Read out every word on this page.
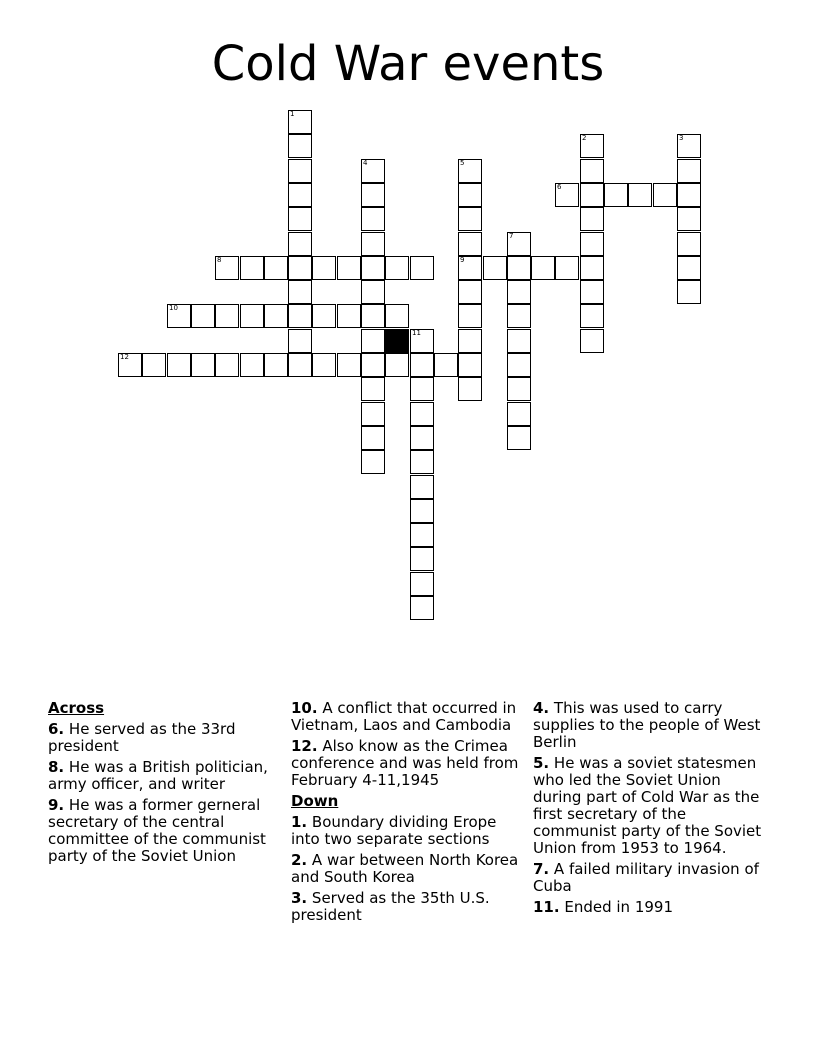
Cold War events
1
2	3
4	5
9
6
7
8
10
11
12
Across
6. He served as the 33rd president
8. He was a British politician, army officer, and writer
9. He was a former gerneral secretary of the central committee of the communist party of the Soviet Union
10. A conflict that occurred in Vietnam, Laos and Cambodia
12. Also know as the Crimea conference and was held from February 4-11,1945
Down
1. Boundary dividing Erope into two separate sections
2. A war between North Korea and South Korea
3. Served as the 35th U.S. president
4. This was used to carry supplies to the people of West Berlin
5. He was a soviet statesmen who led the Soviet Union during part of Cold War as the first secretary of the communist party of the Soviet Union from 1953 to 1964.
7. A failed military invasion of Cuba
11. Ended in 1991
